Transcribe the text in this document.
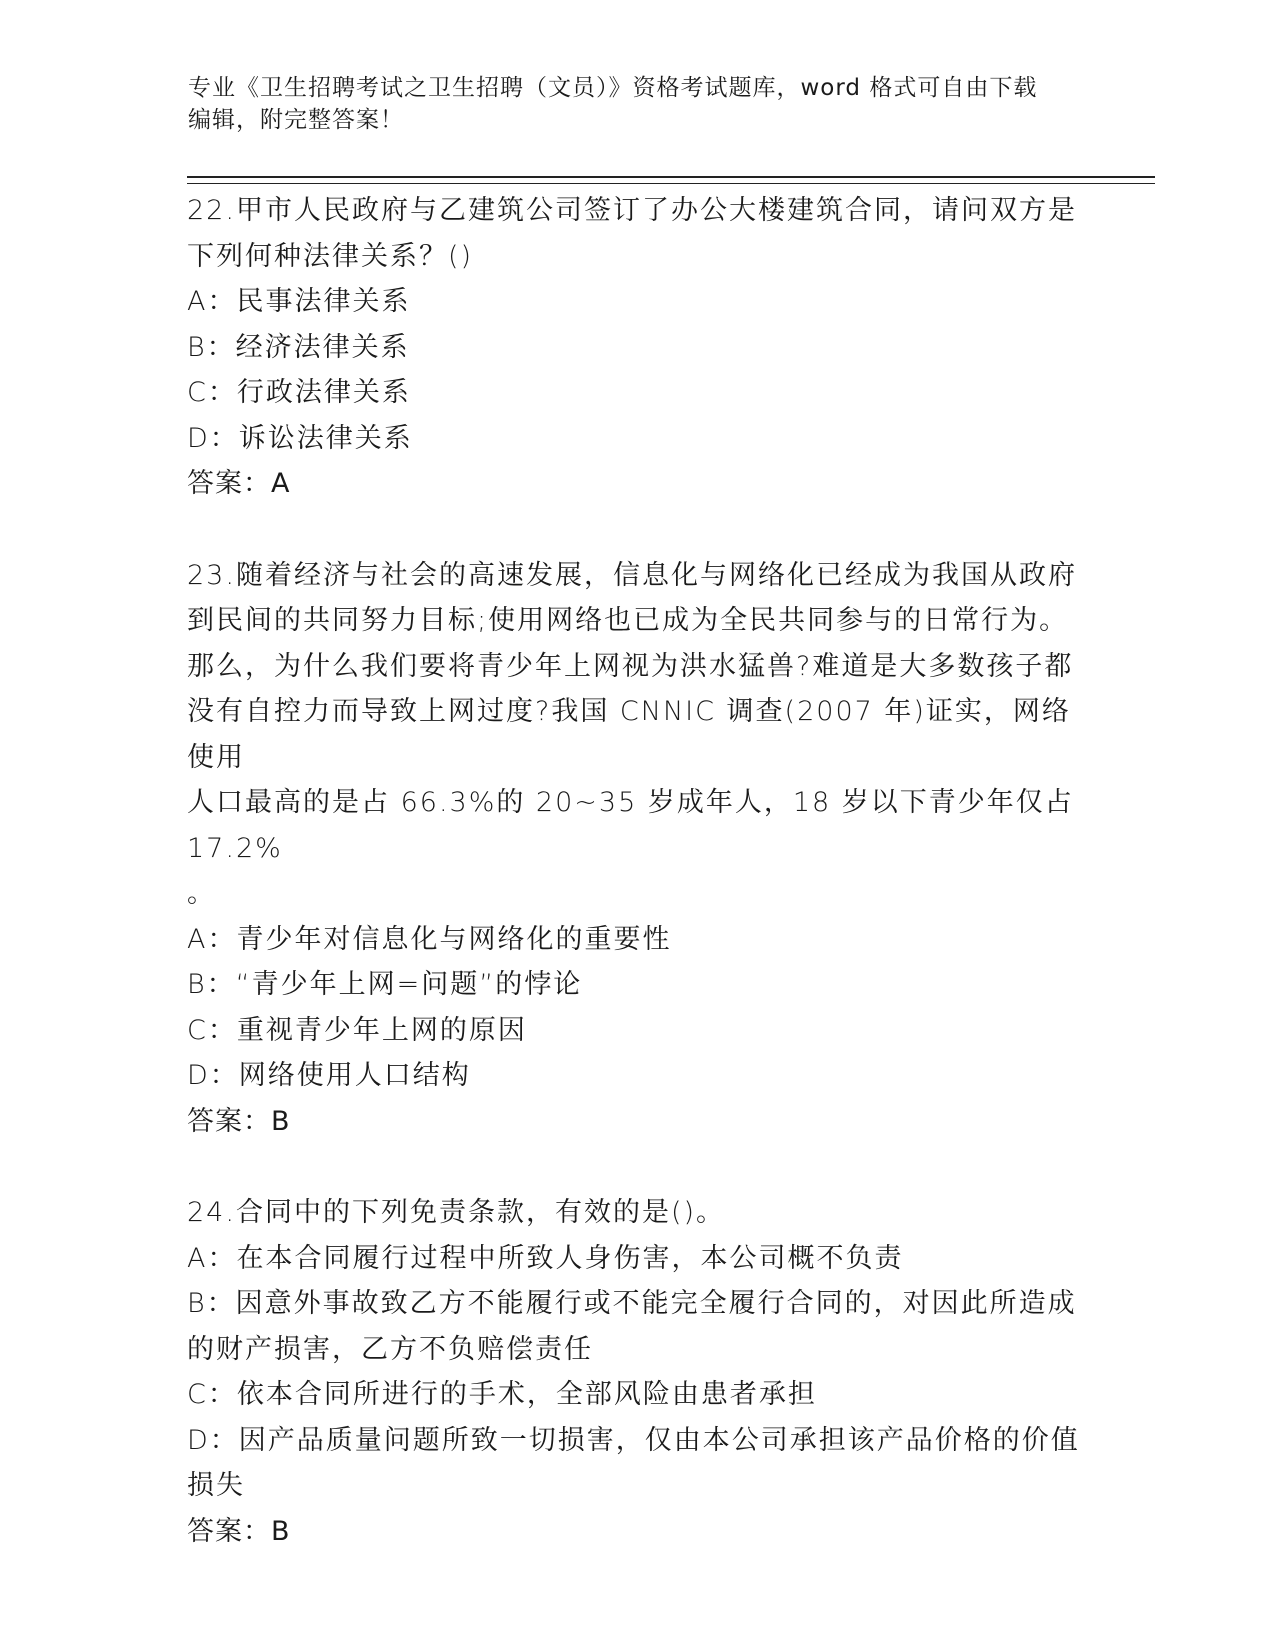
专业《卫生招聘考试之卫生招聘（文员）》资格考试题库，word 格式可自由下载
编辑，附完整答案！
22.甲市人民政府与乙建筑公司签订了办公大楼建筑合同，请问双方是
下列何种法律关系？()
A：民事法律关系
B：经济法律关系
C：行政法律关系
D：诉讼法律关系
答案：A
23.随着经济与社会的高速发展，信息化与网络化已经成为我国从政府
到民间的共同努力目标;使用网络也已成为全民共同参与的日常行为。
那么，为什么我们要将青少年上网视为洪水猛兽?难道是大多数孩子都
没有自控力而导致上网过度?我国 CNNIC 调查(2007 年)证实，网络使用
人口最高的是占 66.3%的 20~35 岁成年人，18 岁以下青少年仅占 17.2%
。
A：青少年对信息化与网络化的重要性
B：“青少年上网=问题”的悖论
C：重视青少年上网的原因
D：网络使用人口结构
答案：B
24.合同中的下列免责条款，有效的是()。
A：在本合同履行过程中所致人身伤害，本公司概不负责
B：因意外事故致乙方不能履行或不能完全履行合同的，对因此所造成
的财产损害，乙方不负赔偿责任
C：依本合同所进行的手术，全部风险由患者承担
D：因产品质量问题所致一切损害，仅由本公司承担该产品价格的价值
损失
答案：B
